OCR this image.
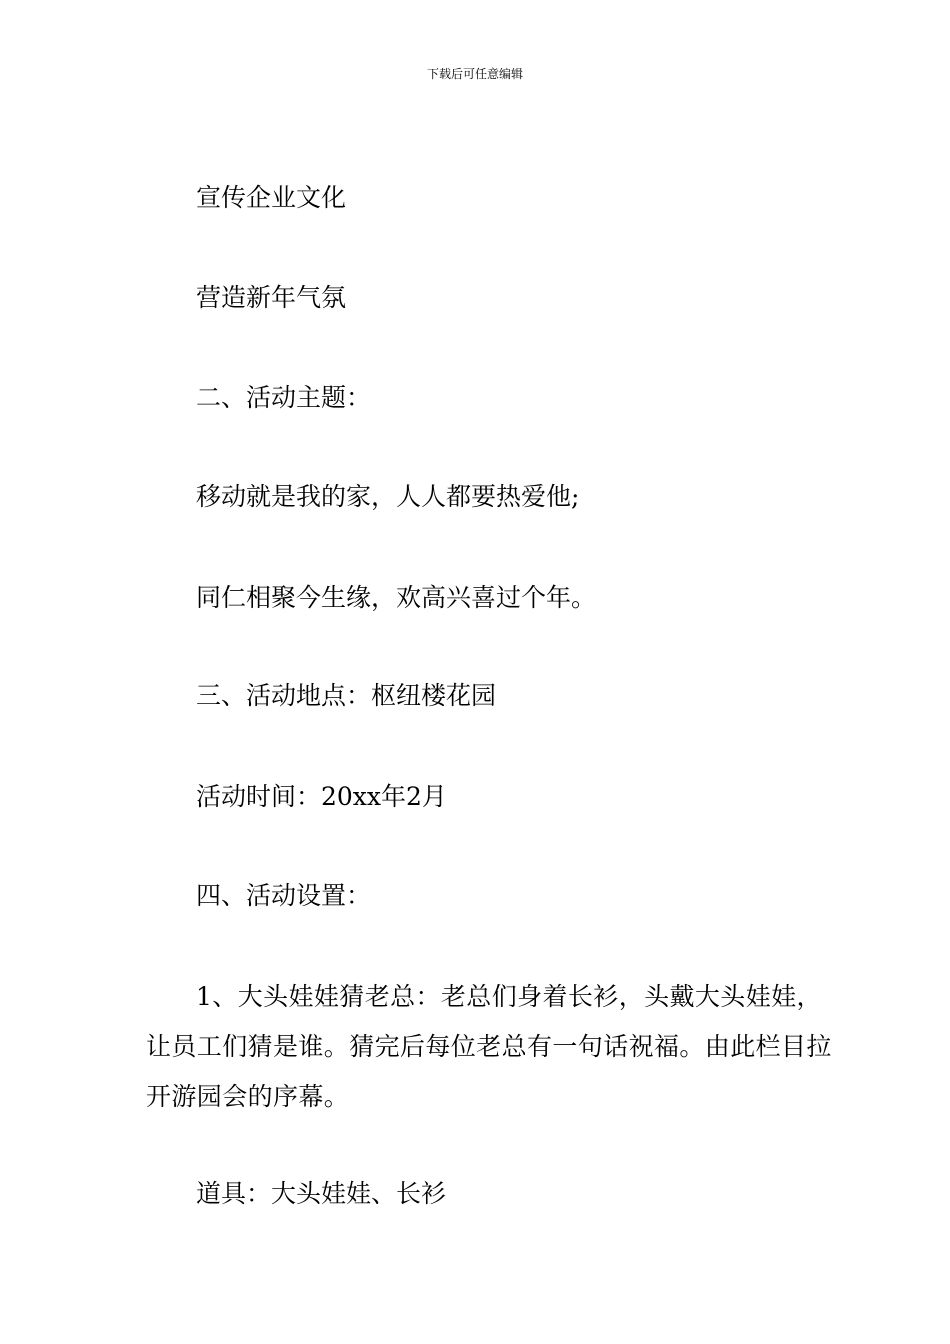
下载后可任意编辑
宣传企业文化
营造新年气氛
二、活动主题：
移动就是我的家，人人都要热爱他;
同仁相聚今生缘，欢高兴喜过个年。
三、活动地点：枢纽楼花园
活动时间：20xx年2月
四、活动设置：
1、大头娃娃猜老总：老总们身着长衫，头戴大头娃娃，让员工们猜是谁。猜完后每位老总有一句话祝福。由此栏目拉开游园会的序幕。
道具：大头娃娃、长衫
